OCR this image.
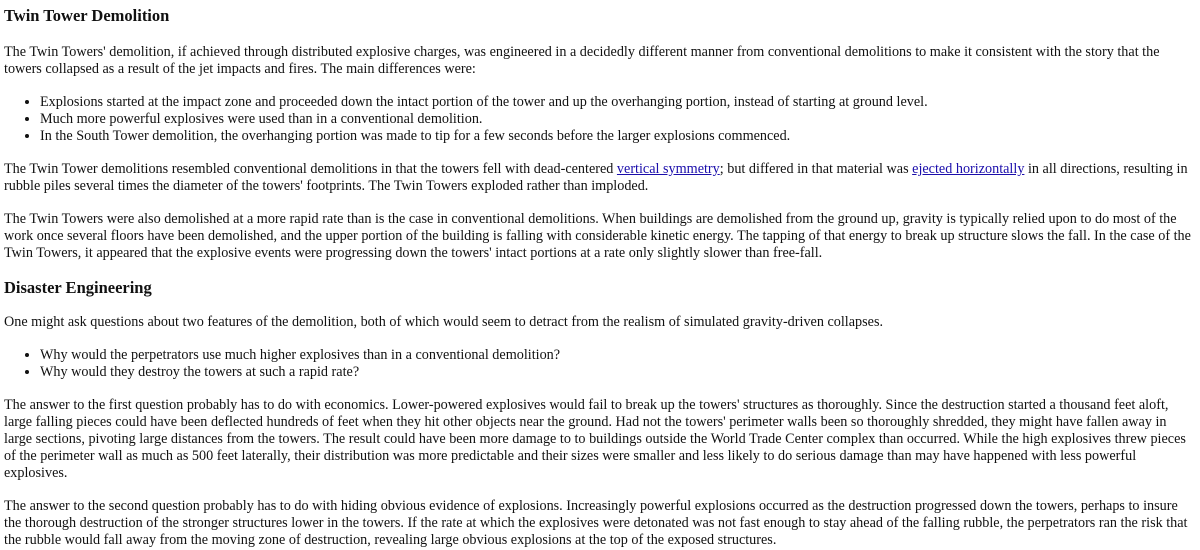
Twin Tower Demolition

The Twin Towers' demolition, if achieved through distributed explosive charges, was engineered in a decidedly different manner from conventional demolitions to make it consistent with the story that the towers collapsed as a result of the jet impacts and fires. The main differences were:

• Explosions started at the impact zone and proceeded down the intact portion of the tower and up the overhanging portion, instead of starting at ground level.
• Much more powerful explosives were used than in a conventional demolition.
• In the South Tower demolition, the overhanging portion was made to tip for a few seconds before the larger explosions commenced.

The Twin Tower demolitions resembled conventional demolitions in that the towers fell with dead-centered vertical symmetry; but differed in that material was ejected horizontally in all directions, resulting in rubble piles several times the diameter of the towers' footprints. The Twin Towers exploded rather than imploded.

The Twin Towers were also demolished at a more rapid rate than is the case in conventional demolitions. When buildings are demolished from the ground up, gravity is typically relied upon to do most of the work once several floors have been demolished, and the upper portion of the building is falling with considerable kinetic energy. The tapping of that energy to break up structure slows the fall. In the case of the Twin Towers, it appeared that the explosive events were progressing down the towers' intact portions at a rate only slightly slower than free-fall.

Disaster Engineering

One might ask questions about two features of the demolition, both of which would seem to detract from the realism of simulated gravity-driven collapses.

• Why would the perpetrators use much higher explosives than in a conventional demolition?
• Why would they destroy the towers at such a rapid rate?

The answer to the first question probably has to do with economics. Lower-powered explosives would fail to break up the towers' structures as thoroughly. Since the destruction started a thousand feet aloft, large falling pieces could have been deflected hundreds of feet when they hit other objects near the ground. Had not the towers' perimeter walls been so thoroughly shredded, they might have fallen away in large sections, pivoting large distances from the towers. The result could have been more damage to to buildings outside the World Trade Center complex than occurred. While the high explosives threw pieces of the perimeter wall as much as 500 feet laterally, their distribution was more predictable and their sizes were smaller and less likely to do serious damage than may have happened with less powerful explosives.

The answer to the second question probably has to do with hiding obvious evidence of explosions. Increasingly powerful explosions occurred as the destruction progressed down the towers, perhaps to insure the thorough destruction of the stronger structures lower in the towers. If the rate at which the explosives were detonated was not fast enough to stay ahead of the falling rubble, the perpetrators ran the risk that the rubble would fall away from the moving zone of destruction, revealing large obvious explosions at the top of the exposed structures.
